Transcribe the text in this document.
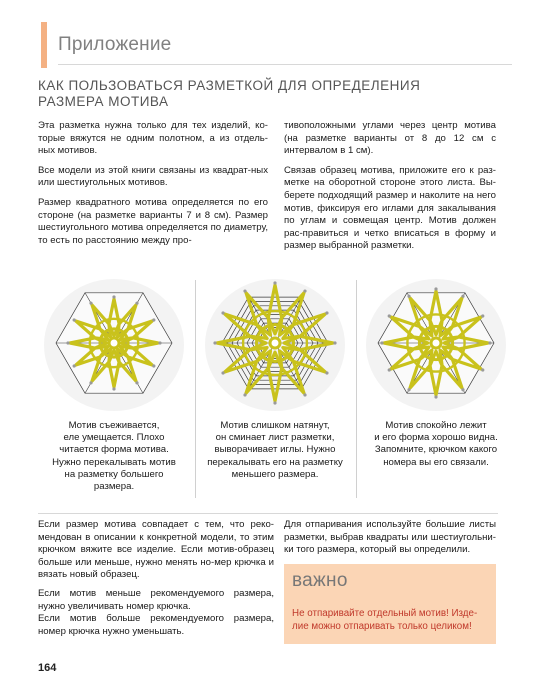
Приложение
КАК ПОЛЬЗОВАТЬСЯ РАЗМЕТКОЙ ДЛЯ ОПРЕДЕЛЕНИЯ
РАЗМЕРА МОТИВА

Эта разметка нужна только для тех изделий, ко-торые вяжутся не одним полотном, а из отдель-ных мотивов.

Все модели из этой книги связаны из квадрат-ных или шестиугольных мотивов.

Размер квадратного мотива определяется по его стороне (на разметке варианты 7 и 8 см). Размер шестиугольного мотива определяется по диаметру, то есть по расстоянию между про-

тивоположными углами через центр мотива (на разметке варианты от 8 до 12 см с интервалом в 1 см).

Связав образец мотива, приложите его к раз-метке на оборотной стороне этого листа. Вы-берете подходящий размер и наколите на него мотив, фиксируя его иглами для закалывания по углам и совмещая центр. Мотив должен рас-правиться и четко вписаться в форму и размер выбранной разметки.

Мотив съеживается,
еле умещается. Плохо
читается форма мотива.
Нужно перекалывать мотив
на разметку большего
размера.
Мотив слишком натянут,
он сминает лист разметки,
выворачивает иглы. Нужно
перекалывать его на разметку
меньшего размера.
Мотив спокойно лежит
и его форма хорошо видна.
Запомните, крючком какого
номера вы его связали.

Если размер мотива совпадает с тем, что реко-мендован в описании к конкретной модели, то этим крючком вяжите все изделие. Если мотив-образец больше или меньше, нужно менять но-мер крючка и вязать новый образец.

Если мотив меньше рекомендуемого размера, нужно увеличивать номер крючка.

Если мотив больше рекомендуемого размера, номер крючка нужно уменьшать.

Для отпаривания используйте большие листы разметки, выбрав квадраты или шестиугольни-ки того размера, который вы определили.

важно
Не отпаривайте отдельный мотив! Изде-лие можно отпаривать только целиком!
164
